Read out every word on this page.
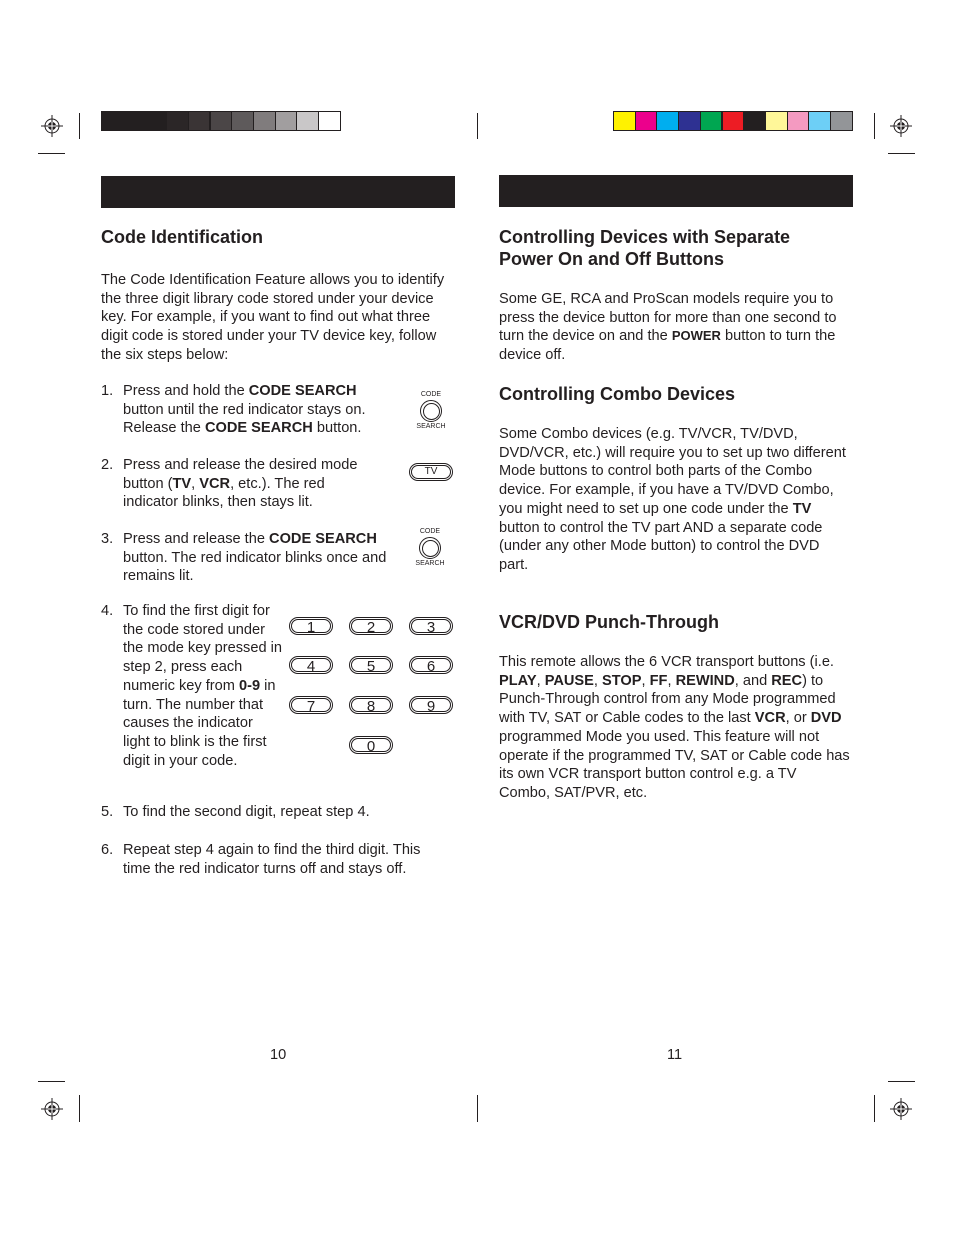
Code Identification

The Code Identification Feature allows you to identify the three digit library code stored under your device key. For example, if you want to find out what three digit code is stored under your TV device key, follow the six steps below:

1. Press and hold the CODE SEARCH button until the red indicator stays on. Release the CODE SEARCH button.
CODE
SEARCH
2. Press and release the desired mode button (TV, VCR, etc.). The red indicator blinks, then stays lit.
TV
3. Press and release the CODE SEARCH button. The red indicator blinks once and remains lit.
CODE
SEARCH
4. To find the first digit for the code stored under the mode key pressed in step 2, press each numeric key from 0-9 in turn. The number that causes the indicator light to blink is the first digit in your code.
1	2	3
4	5	6
7	8	9
0
5. To find the second digit, repeat step 4.
6. Repeat step 4 again to find the third digit. This time the red indicator turns off and stays off.
10
Controlling Devices with Separate Power On and Off Buttons

Some GE, RCA and ProScan models require you to press the device button for more than one second to turn the device on and the POWER button to turn the device off.

Controlling Combo Devices

Some Combo devices (e.g. TV/VCR, TV/DVD, DVD/VCR, etc.) will require you to set up two different Mode buttons to control both parts of the Combo device. For example, if you have a TV/DVD Combo, you might need to set up one code under the TV button to control the TV part AND a separate code (under any other Mode button) to control the DVD part.

VCR/DVD Punch-Through

This remote allows the 6 VCR transport buttons (i.e. PLAY, PAUSE, STOP, FF, REWIND, and REC) to Punch-Through control from any Mode programmed with TV, SAT or Cable codes to the last VCR, or DVD programmed Mode you used. This feature will not operate if the programmed TV, SAT or Cable code has its own VCR transport button control e.g. a TV Combo, SAT/PVR, etc.

11
